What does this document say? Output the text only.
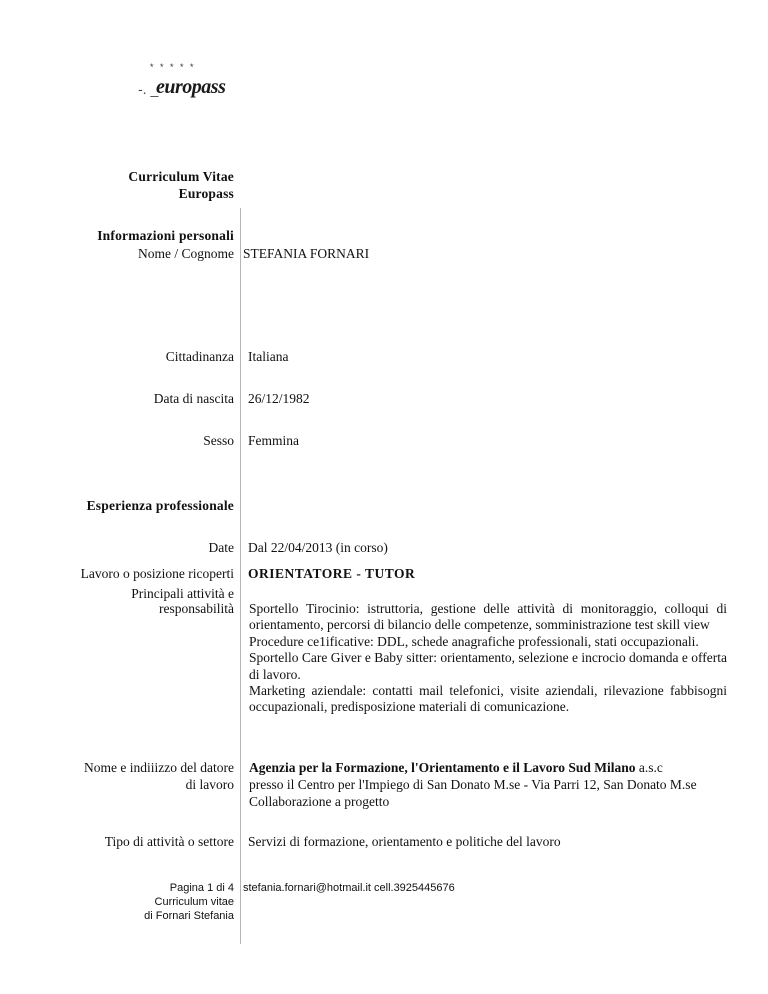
* * * * *
-. _
europass
Curriculum Vitae
Europass
Informazioni personali
Nome / Cognome STEFANIA FORNARI
Cittadinanza Italiana
Data di nascita 26/12/1982
Sesso Femmina
Esperienza professionale
Date Dal 22/04/2013 (in corso)
Lavoro o posizione ricoperti ORIENTATORE - TUTOR
Principali attività e
responsabilità Sportello Tirocinio: istruttoria, gestione delle attività di monitoraggio, colloqui di orientamento, percorsi di bilancio delle competenze, somministrazione test skill view

Procedure ce1ificative: DDL, schede anagrafiche professionali, stati occupazionali.

Sportello Care Giver e Baby sitter: orientamento, selezione e incrocio domanda e offerta di lavoro.

Marketing aziendale: contatti mail telefonici, visite aziendali, rilevazione fabbisogni occupazionali, predisposizione materiali di comunicazione.

Nome e indiiizzo del datore
di lavoro

Agenzia per la Formazione, l'Orientamento e il Lavoro Sud Milano a.s.c

presso il Centro per l'Impiego di San Donato M.se - Via Parri 12, San Donato M.se

Collaborazione a progetto

Tipo di attività o settore Servizi di formazione, orientamento e politiche del lavoro
Pagina 1 di 4
Curriculum vitae
di Fornari Stefania
stefania.fornari@hotmail.it cell.3925445676
